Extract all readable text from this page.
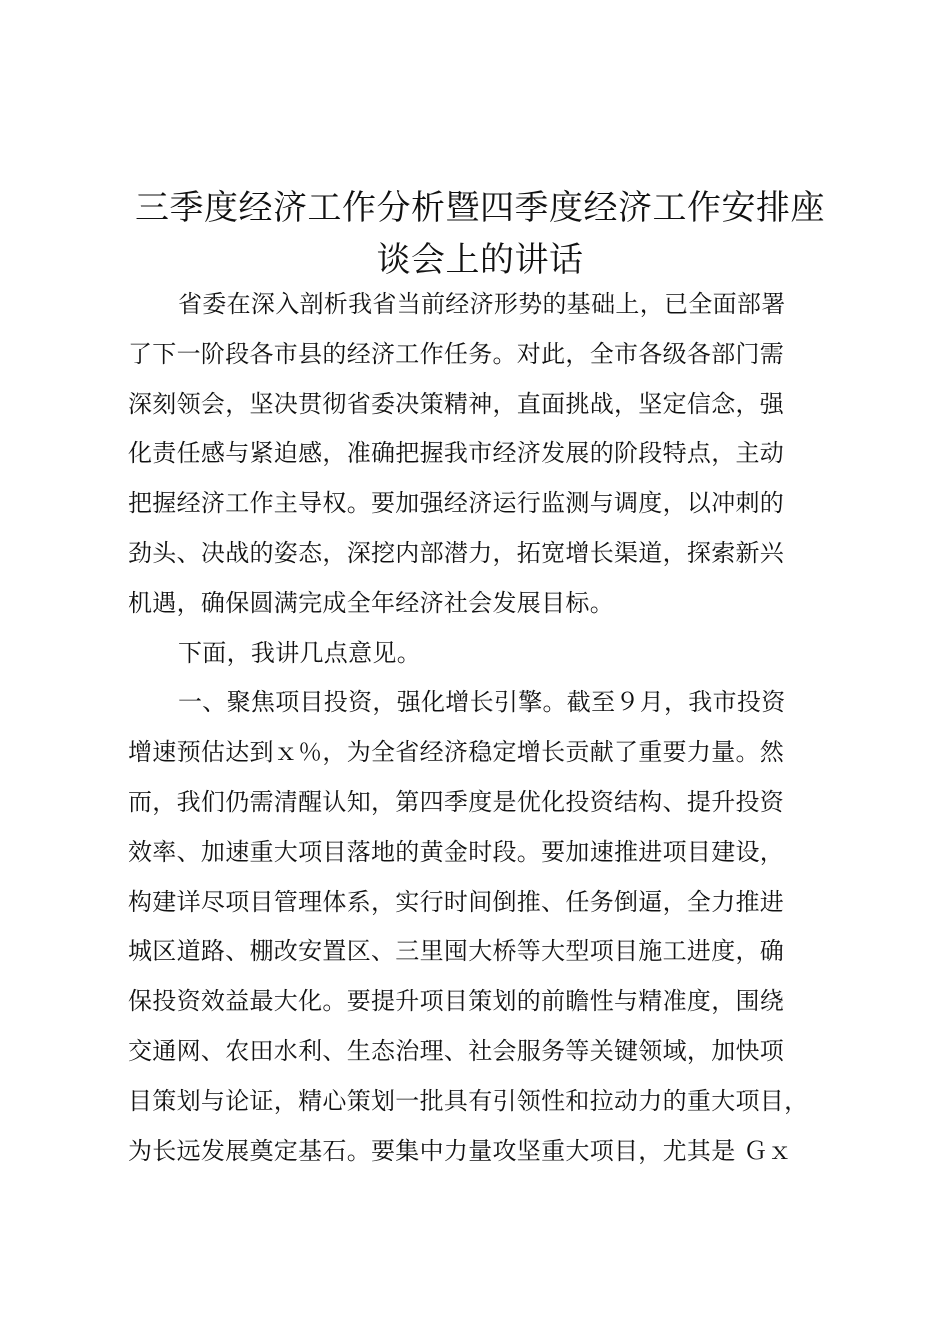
三季度经济工作分析暨四季度经济工作安排座
谈会上的讲话
省委在深入剖析我省当前经济形势的基础上，已全面部署
了下一阶段各市县的经济工作任务。对此，全市各级各部门需
深刻领会，坚决贯彻省委决策精神，直面挑战，坚定信念，强
化责任感与紧迫感，准确把握我市经济发展的阶段特点，主动
把握经济工作主导权。要加强经济运行监测与调度，以冲刺的
劲头、决战的姿态，深挖内部潜力，拓宽增长渠道，探索新兴
机遇，确保圆满完成全年经济社会发展目标。
下面，我讲几点意见。
一、聚焦项目投资，强化增长引擎。截至９月，我市投资
增速预估达到ｘ％，为全省经济稳定增长贡献了重要力量。然
而，我们仍需清醒认知，第四季度是优化投资结构、提升投资
效率、加速重大项目落地的黄金时段。要加速推进项目建设，
构建详尽项目管理体系，实行时间倒推、任务倒逼，全力推进
城区道路、棚改安置区、三里囤大桥等大型项目施工进度，确
保投资效益最大化。要提升项目策划的前瞻性与精准度，围绕
交通网、农田水利、生态治理、社会服务等关键领域，加快项
目策划与论证，精心策划一批具有引领性和拉动力的重大项目，
为长远发展奠定基石。要集中力量攻坚重大项目，尤其是 Ｇｘ
